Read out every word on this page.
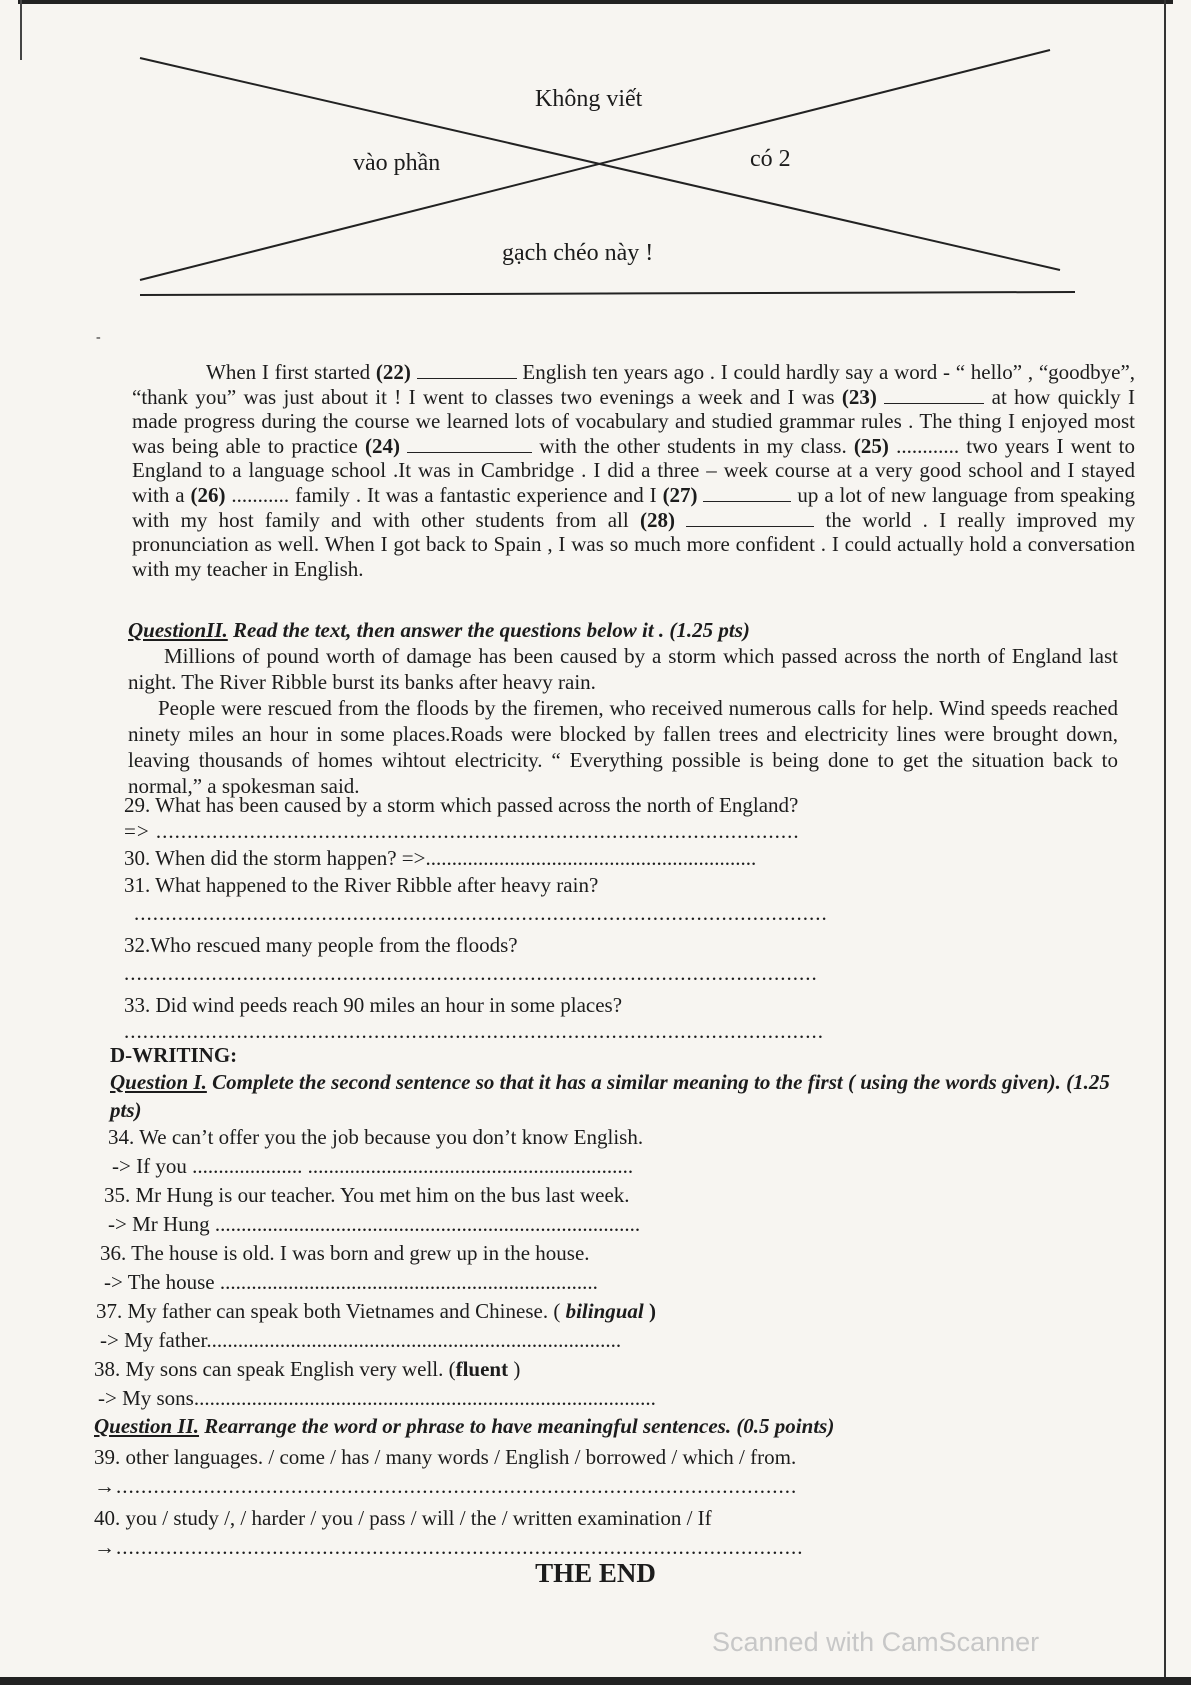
Không viết
vào phần	có 2
gạch chéo này !
-

When I first started (22)	English ten years ago . I could hardly say a word - “ hello” , “goodbye”, “thank you” was just about it ! I went to classes two evenings a week and I was (23)	at how quickly I made progress during the course we learned lots of vocabulary and studied grammar rules . The thing I enjoyed most was being able to practice (24)	with the other students in my class. (25) ............ two years I went to England to a language school .It was in Cambridge . I did a three – week course at a very good school and I stayed with a (26) ........... family . It was a fantastic experience and I (27)	up a lot of new language from speaking with my host family and with other students from all (28)	the world . I really improved my pronunciation as well. When I got back to Spain , I was so much more confident . I could actually hold a conversation with my teacher in English.

QuestionII. Read the text, then answer the questions below it . (1.25 pts)
Millions of pound worth of damage has been caused by a storm which passed across the north of England last night. The River Ribble burst its banks after heavy rain.
People were rescued from the floods by the firemen, who received numerous calls for help. Wind speeds reached ninety miles an hour in some places.Roads were blocked by fallen trees and electricity lines were brought down, leaving thousands of homes wihtout electricity. “ Everything possible is being done to get the situation back to normal,” a spokesman said.
29. What has been caused by a storm which passed across the north of England?
=> .......................................................................................................
30. When did the storm happen? =>...............................................................
31. What happened to the River Ribble after heavy rain?
...............................................................................................................
32.Who rescued many people from the floods?
...............................................................................................................
33. Did wind peeds reach 90 miles an hour in some places?
................................................................................................................
D-WRITING:
Question I. Complete the second sentence so that it has a similar meaning to the first ( using the words given). (1.25 pts)
34. We can’t offer you the job because you don’t know English.
-> If you ..................... ..............................................................
35. Mr Hung is our teacher. You met him on the bus last week.
-> Mr Hung .................................................................................
36. The house is old. I was born and grew up in the house.
-> The house ........................................................................
37. My father can speak both Vietnames and Chinese. ( bilingual )
-> My father...............................................................................
38. My sons can speak English very well. (fluent )
-> My sons........................................................................................
Question II. Rearrange the word or phrase to have meaningful sentences. (0.5 points)
39. other languages. / come / has / many words / English / borrowed / which / from.
→.............................................................................................................
40. you / study /, / harder / you / pass / will / the / written examination / If
→..............................................................................................................
THE END
Scanned with CamScanner
